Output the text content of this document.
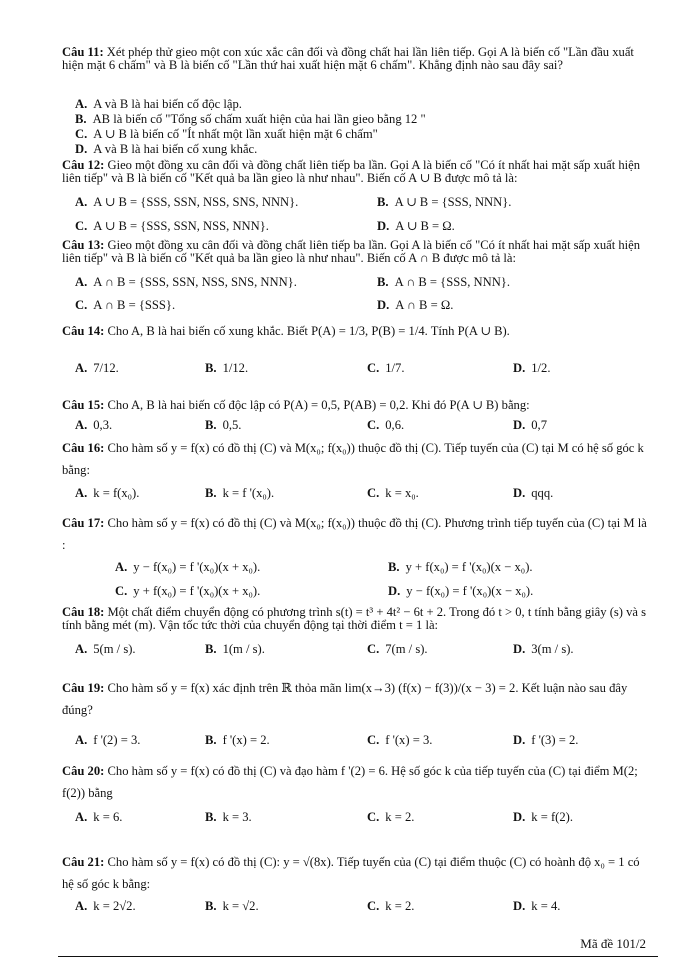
Câu 11: Xét phép thử gieo một con xúc xắc cân đối và đồng chất hai lần liên tiếp. Gọi A là biến cố "Lần đầu xuất hiện mặt 6 chấm" và B là biến cố "Lần thứ hai xuất hiện mặt 6 chấm". Khẳng định nào sau đây sai?
A. A và B là hai biến cố độc lập.
B. AB là biến cố "Tổng số chấm xuất hiện của hai lần gieo bằng 12 "
C. A ∪ B là biến cố "Ít nhất một lần xuất hiện mặt 6 chấm"
D. A và B là hai biến cố xung khắc.
Câu 12: Gieo một đồng xu cân đối và đồng chất liên tiếp ba lần. Gọi A là biến cố "Có ít nhất hai mặt sấp xuất hiện liên tiếp" và B là biến cố "Kết quả ba lần gieo là như nhau". Biến cố A ∪ B được mô tả là:
A. A ∪ B = {SSS, SSN, NSS, SNS, NNN}.	B. A ∪ B = {SSS, NNN}.
C. A ∪ B = {SSS, SSN, NSS, NNN}.	D. A ∪ B = Ω.
Câu 13: Gieo một đồng xu cân đối và đồng chất liên tiếp ba lần. Gọi A là biến cố "Có ít nhất hai mặt sấp xuất hiện liên tiếp" và B là biến cố "Kết quả ba lần gieo là như nhau". Biến cố A ∩ B được mô tả là:
A. A ∩ B = {SSS, SSN, NSS, SNS, NNN}.	B. A ∩ B = {SSS, NNN}.
C. A ∩ B = {SSS}.	D. A ∩ B = Ω.
Câu 14: Cho A, B là hai biến cố xung khắc. Biết P(A) = 1/3, P(B) = 1/4. Tính P(A ∪ B).
A. 7/12.	B. 1/12.	C. 1/7.	D. 1/2.
Câu 15: Cho A, B là hai biến cố độc lập có P(A) = 0,5, P(AB) = 0,2. Khi đó P(A ∪ B) bằng:
A. 0,3.	B. 0,5.	C. 0,6.	D. 0,7
Câu 16: Cho hàm số y = f(x) có đồ thị (C) và M(x₀; f(x₀)) thuộc đồ thị (C). Tiếp tuyến của (C) tại M có hệ số góc k bằng:
A. k = f(x₀).	B. k = f '(x₀).	C. k = x₀.	D. qqq.
Câu 17: Cho hàm số y = f(x) có đồ thị (C) và M(x₀; f(x₀)) thuộc đồ thị (C). Phương trình tiếp tuyến của (C) tại M là :
A. y − f(x₀) = f '(x₀)(x + x₀).	B. y + f(x₀) = f '(x₀)(x − x₀).
C. y + f(x₀) = f '(x₀)(x + x₀).	D. y − f(x₀) = f '(x₀)(x − x₀).
Câu 18: Một chất điểm chuyển động có phương trình s(t) = t³ + 4t² − 6t + 2. Trong đó t > 0, t tính bằng giây (s) và s tính bằng mét (m). Vận tốc tức thời của chuyển động tại thời điểm t = 1 là:
A. 5(m / s).	B. 1(m / s).	C. 7(m / s).	D. 3(m / s).
Câu 19: Cho hàm số y = f(x) xác định trên ℝ thỏa mãn lim(x→3) (f(x) − f(3))/(x − 3) = 2. Kết luận nào sau đây đúng?
A. f '(2) = 3.	B. f '(x) = 2.	C. f '(x) = 3.	D. f '(3) = 2.
Câu 20: Cho hàm số y = f(x) có đồ thị (C) và đạo hàm f '(2) = 6. Hệ số góc k của tiếp tuyến của (C) tại điểm M(2; f(2)) bằng
A. k = 6.	B. k = 3.	C. k = 2.	D. k = f(2).
Câu 21: Cho hàm số y = f(x) có đồ thị (C): y = √(8x). Tiếp tuyến của (C) tại điểm thuộc (C) có hoành độ x₀ = 1 có hệ số góc k bằng:
A. k = 2√2.	B. k = √2.	C. k = 2.	D. k = 4.
Mã đề 101/2
